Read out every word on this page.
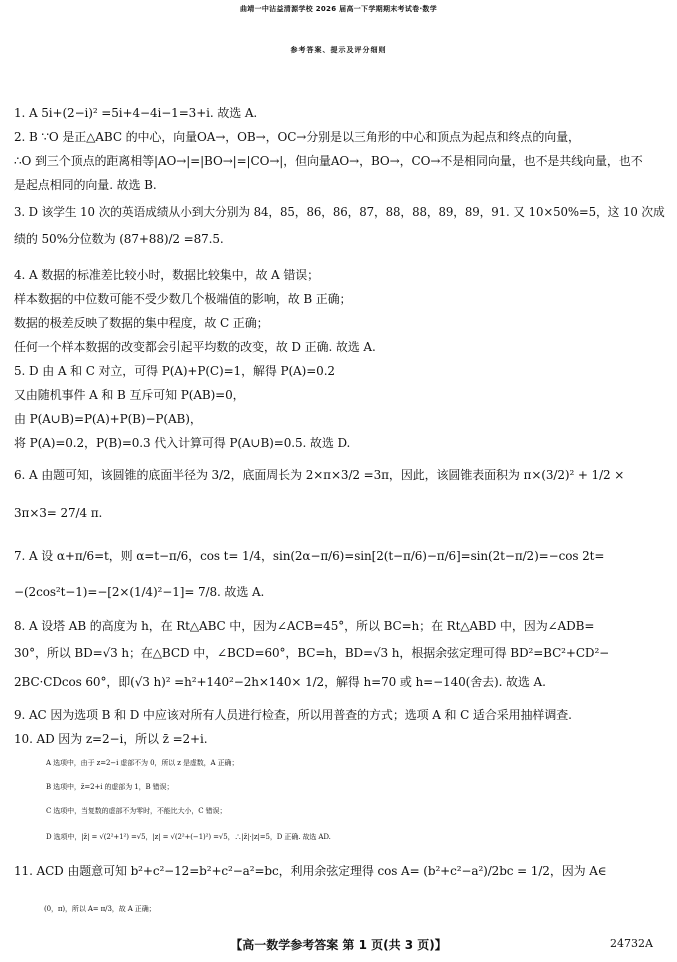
曲靖一中沾益清源学校 2026 届高一下学期期末考试卷·数学
参考答案、提示及评分细则
1. A 5i+(2−i)² =5i+4−4i−1=3+i. 故选 A.
2. B ∵O 是正△ABC 的中心，向量OA→，OB→，OC→分别是以三角形的中心和顶点为起点和终点的向量，
∴O 到三个顶点的距离相等|AO→|=|BO→|=|CO→|，但向量AO→，BO→，CO→不是相同向量，也不是共线向量，也不
是起点相同的向量. 故选 B.
3. D 该学生 10 次的英语成绩从小到大分别为 84，85，86，86，87，88，88，89，89，91. 又 10×50%=5，这 10 次成
绩的 50%分位数为 (87+88)/2 =87.5.
4. A 数据的标准差比较小时，数据比较集中，故 A 错误；
样本数据的中位数可能不受少数几个极端值的影响，故 B 正确；
数据的极差反映了数据的集中程度，故 C 正确；
任何一个样本数据的改变都会引起平均数的改变，故 D 正确. 故选 A.
5. D 由 A 和 C 对立，可得 P(A)+P(C)=1，解得 P(A)=0.2
又由随机事件 A 和 B 互斥可知 P(AB)=0，
由 P(A∪B)=P(A)+P(B)−P(AB)，
将 P(A)=0.2，P(B)=0.3 代入计算可得 P(A∪B)=0.5. 故选 D.
6. A 由题可知，该圆锥的底面半径为 3/2，底面周长为 2×π×3/2 =3π，因此，该圆锥表面积为 π×(3/2)² + 1/2 ×
3π×3= 27/4 π.
7. A 设 α+π/6=t，则 α=t−π/6，cos t= 1/4，sin(2α−π/6)=sin[2(t−π/6)−π/6]=sin(2t−π/2)=−cos 2t=
−(2cos²t−1)=−[2×(1/4)²−1]= 7/8. 故选 A.
8. A 设塔 AB 的高度为 h，在 Rt△ABC 中，因为∠ACB=45°，所以 BC=h；在 Rt△ABD 中，因为∠ADB=
30°，所以 BD=√3 h；在△BCD 中，∠BCD=60°，BC=h，BD=√3 h，根据余弦定理可得 BD²=BC²+CD²−
2BC·CDcos 60°，即(√3 h)² =h²+140²−2h×140× 1/2，解得 h=70 或 h=−140(舍去). 故选 A.
9. AC 因为选项 B 和 D 中应该对所有人员进行检查，所以用普查的方式；选项 A 和 C 适合采用抽样调查.
10. AD 因为 z=2−i，所以 z̄ =2+i.
A 选项中，由于 z=2−i 虚部不为 0，所以 z 是虚数，A 正确；
B 选项中，z̄=2+i 的虚部为 1，B 错误；
C 选项中，当复数的虚部不为零时，不能比大小，C 错误；
D 选项中，|z̄| = √(2²+1²) =√5，|z| = √(2²+(−1)²) =√5，∴|z̄|·|z|=5，D 正确. 故选 AD.
11. ACD 由题意可知 b²+c²−12=b²+c²−a²=bc，利用余弦定理得 cos A= (b²+c²−a²)/2bc = 1/2，因为 A∈
(0，π)，所以 A= π/3，故 A 正确；
【高一数学参考答案 第 1 页(共 3 页)】	24732A
